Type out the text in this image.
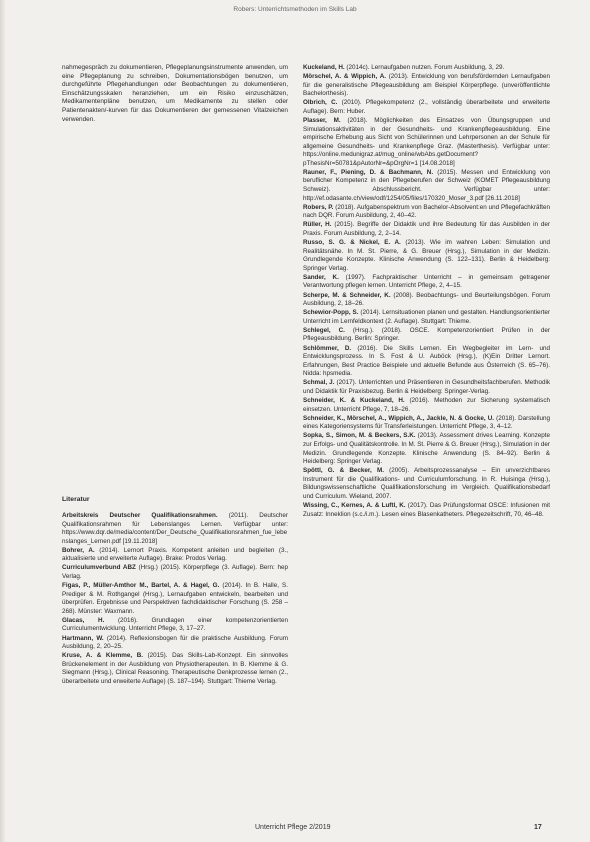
Robers: Unterrichtsmethoden im Skills Lab

nahmegespräch zu dokumentieren, Pflegeplanungsinstrumente anwenden, um eine Pflegeplanung zu schreiben, Dokumentationsbögen benutzen, um durchgeführte Pflegehandlungen oder Beobachtungen zu dokumentieren, Einschätzungsskalen heranziehen, um ein Risiko einzuschätzen, Medikamentenpläne benutzen, um Medikamente zu stellen oder Patientenakten/-kurven für das Dokumentieren der gemessenen Vitalzeichen verwenden.

Literatur

Arbeitskreis Deutscher Qualifikationsrahmen. (2011). Deutscher Qualifikationsrahmen für Lebenslanges Lernen. Verfügbar unter: https://www.dqr.de/media/content/Der_Deutsche_Qualifikationsrahmen_fue_lebenslanges_Lernen.pdf [19.11.2018]

Bohrer, A. (2014). Lernort Praxis. Kompetent anleiten und begleiten (3., aktualisierte und erweiterte Auflage). Brake: Prodos Verlag.

Curriculumverbund ABZ (Hrsg.) (2015). Körperpflege (3. Auflage). Bern: hep Verlag.

Figas, P., Müller-Amthor M., Bartel, A. & Hagel, G. (2014). In B. Halle, S. Prediger & M. Rothgangel (Hrsg.), Lernaufgaben entwickeln, bearbeiten und überprüfen. Ergebnisse und Perspektiven fachdidaktischer Forschung (S. 258 – 268). Münster: Waxmann.

Glacas, H. (2016). Grundlagen einer kompetenzorientierten Curriculumentwicklung. Unterricht Pflege, 3, 17–27.

Hartmann, W. (2014). Reflexionsbogen für die praktische Ausbildung. Forum Ausbildung, 2, 20–25.

Kruse, A. & Klemme, B. (2015). Das Skills-Lab-Konzept. Ein sinnvolles Brückenelement in der Ausbildung von Physiotherapeuten. In B. Klemme & G. Siegmann (Hrsg.), Clinical Reasoning. Therapeutische Denkprozesse lernen (2., überarbeitete und erweiterte Auflage) (S. 187–194). Stuttgart: Thieme Verlag.

Kuckeland, H. (2014c). Lernaufgaben nutzen. Forum Ausbildung, 3, 29.

Mörschel, A. & Wippich, A. (2013). Entwicklung von berufsfördernden Lernaufgaben für die generalistische Pflegeausbildung am Beispiel Körperpflege. (unveröffentlichte Bachelorthesis).

Olbrich, C. (2010). Pflegekompetenz (2., vollständig überarbeitete und erweiterte Auflage). Bern: Huber.

Plasser, M. (2018). Möglichkeiten des Einsatzes von Übungsgruppen und Simulationsaktivitäten in der Gesundheits- und Krankenpflegeausbildung. Eine empirische Erhebung aus Sicht von Schülerinnen und Lehrpersonen an der Schule für allgemeine Gesundheits- und Krankenpflege Graz. (Masterthesis). Verfügbar unter: https://online.medunigraz.at/mug_online/wbAbs.getDocument?pThesisNr=50781&pAutorNr=&pOrgNr=1 [14.08.2018]

Rauner, F., Piening, D. & Bachmann, N. (2015). Messen und Entwicklung von beruflicher Kompetenz in den Pflegeberufen der Schweiz (KOMET Pflegeausbildung Schweiz). Abschlussbericht. Verfügbar unter: http://ef.odasantе.ch/view/odf/1254/05/files/170320_Moser_3.pdf [26.11.2018]

Robers, P. (2018). Aufgabenspektrum von Bachelor-Absolvent:en und Pflegefachkräften nach DQR. Forum Ausbildung, 2, 40–42.

Rüller, H. (2015). Begriffe der Didaktik und ihre Bedeutung für das Ausbilden in der Praxis. Forum Ausbildung, 2, 2–14.

Russo, S. G. & Nickel, E. A. (2013). Wie im wahren Leben: Simulation und Realitätsnähe. In M. St. Pierre, & G. Breuer (Hrsg.), Simulation in der Medizin. Grundlegende Konzepte. Klinische Anwendung (S. 122–131). Berlin & Heidelberg: Springer Verlag.

Sander, K. (1997). Fachpraktischer Unterricht – in gemeinsam getragener Verantwortung pflegen lernen. Unterricht Pflege, 2, 4–15.

Scherpe, M. & Schneider, K. (2008). Beobachtungs- und Beurteilungsbögen. Forum Ausbildung, 2, 18–26.

Schewior-Popp, S. (2014). Lernsituationen planen und gestalten. Handlungsorientierter Unterricht im Lernfeldkontext (2. Auflage). Stuttgart: Thieme.

Schlegel, C. (Hrsg.). (2018). OSCE. Kompetenzorientiert Prüfen in der Pflegeausbildung. Berlin: Springer.

Schlömmer, D. (2016). Die Skills Lernen. Ein Wegbegleiter im Lern- und Entwicklungsprozess. In S. Fost & U. Auböck (Hrsg.), (K)Ein Dritter Lernort. Erfahrungen, Best Practice Beispiele und aktuelle Befunde aus Österreich (S. 65–76). Nidda: hpsmedia.

Schmal, J. (2017). Unterrichten und Präsentieren in Gesundheitsfachberufen. Methodik und Didaktik für Praxisbezug. Berlin & Heidelberg: Springer-Verlag.

Schneider, K. & Kuckeland, H. (2016). Methoden zur Sicherung systematisch einsetzen. Unterricht Pflege, 7, 18–26.

Schneider, K., Mörschel, A., Wippich, A., Jackle, N. & Gocke, U. (2018). Darstellung eines Kategoriensystems für Transferleistungen. Unterricht Pflege, 3, 4–12.

Sopka, S., Simon, M. & Beckers, S.K. (2013). Assessment drives Learning. Konzepte zur Erfolgs- und Qualitätskontrolle. In M. St. Pierre & G. Breuer (Hrsg.), Simulation in der Medizin. Grundlegende Konzepte. Klinische Anwendung (S. 84–92). Berlin & Heidelberg: Springer Verlag.

Spöttl, G. & Becker, M. (2005). Arbeitsprozessanalyse – Ein unverzichtbares Instrument für die Qualifikations- und Curriculumforschung. In R. Huisinga (Hrsg.), Bildungswissenschaftliche Qualifikationsforschung im Vergleich. Qualifikationsbedarf und Curriculum. Wieland, 2007.

Wissing, C., Kernes, A. & Luftl, K. (2017). Das Prüfungsformat OSCE: Infusionen mit Zusatz: Inneklion (s.c./i.m.). Lesen eines Blasenkatheters. Pflegezeitschrift, 70, 46–48.

Unterricht Pflege 2/2019	17
